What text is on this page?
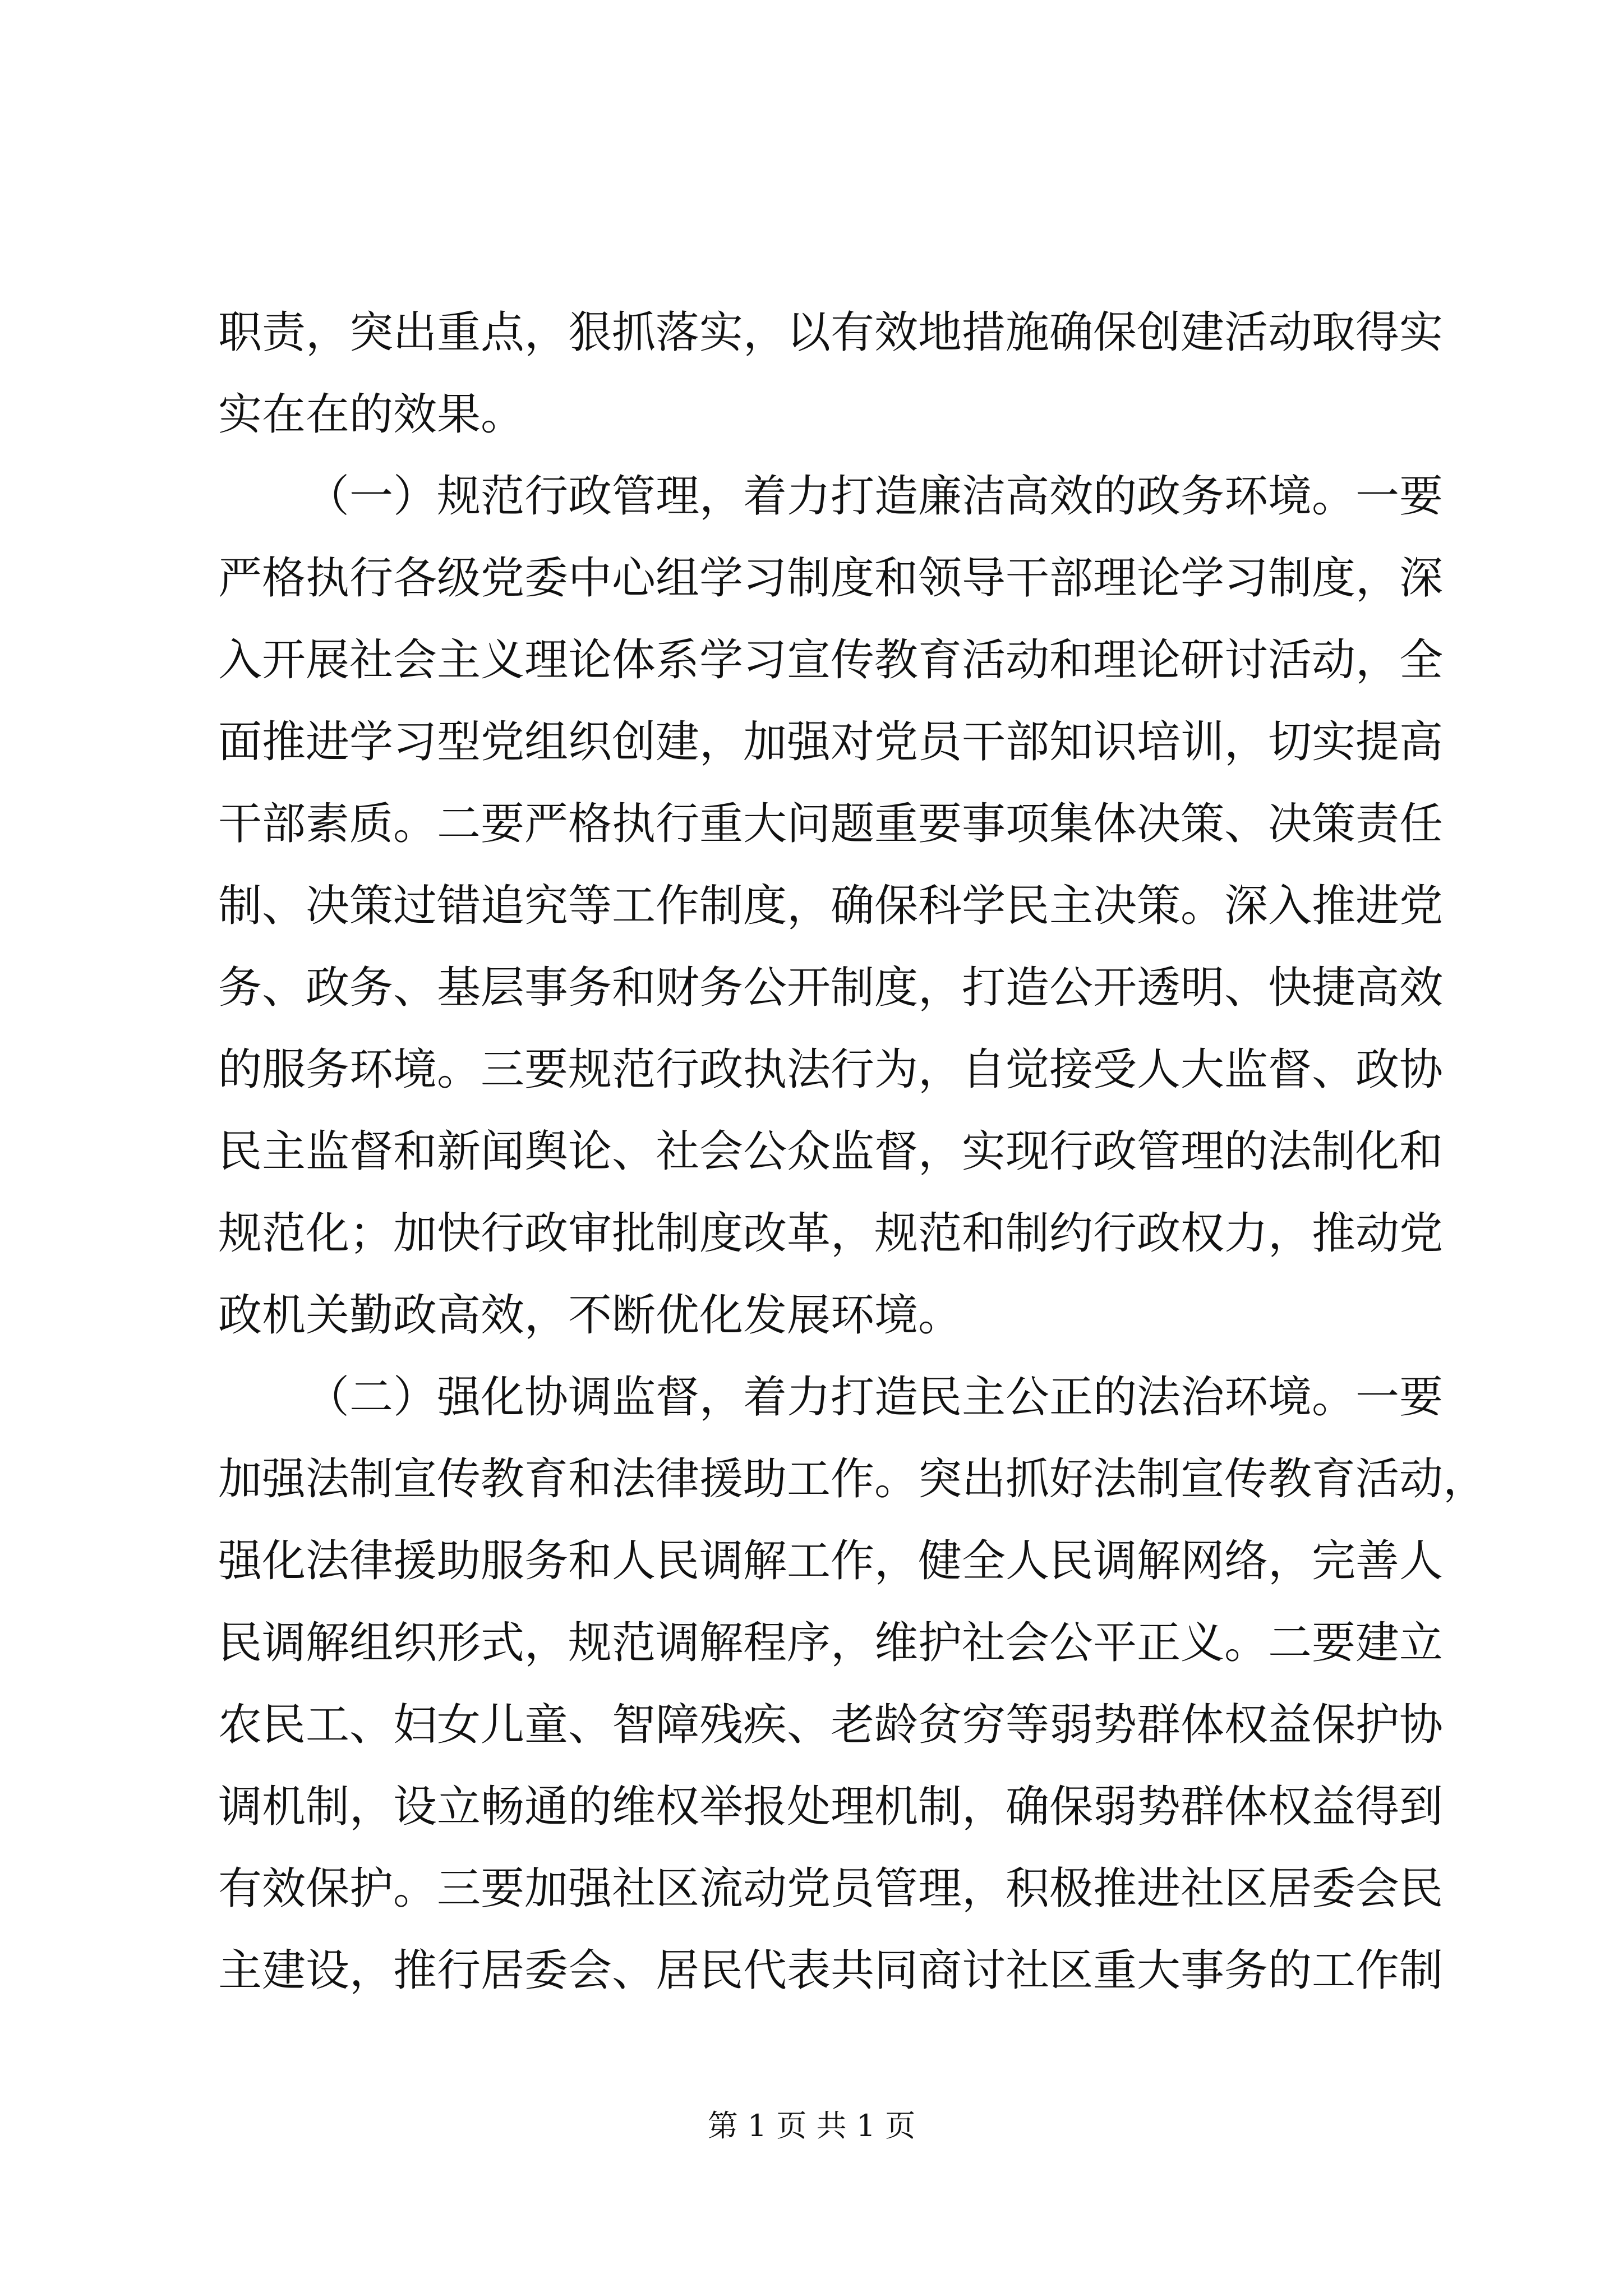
职责，突出重点，狠抓落实，以有效地措施确保创建活动取得实
实在在的效果。
（一）规范行政管理，着力打造廉洁高效的政务环境。一要
严格执行各级党委中心组学习制度和领导干部理论学习制度，深
入开展社会主义理论体系学习宣传教育活动和理论研讨活动，全
面推进学习型党组织创建，加强对党员干部知识培训，切实提高
干部素质。二要严格执行重大问题重要事项集体决策、决策责任
制、决策过错追究等工作制度，确保科学民主决策。深入推进党
务、政务、基层事务和财务公开制度，打造公开透明、快捷高效
的服务环境。三要规范行政执法行为，自觉接受人大监督、政协
民主监督和新闻舆论、社会公众监督，实现行政管理的法制化和
规范化；加快行政审批制度改革，规范和制约行政权力，推动党
政机关勤政高效，不断优化发展环境。
（二）强化协调监督，着力打造民主公正的法治环境。一要
加强法制宣传教育和法律援助工作。突出抓好法制宣传教育活动，
强化法律援助服务和人民调解工作，健全人民调解网络，完善人
民调解组织形式，规范调解程序，维护社会公平正义。二要建立
农民工、妇女儿童、智障残疾、老龄贫穷等弱势群体权益保护协
调机制，设立畅通的维权举报处理机制，确保弱势群体权益得到
有效保护。三要加强社区流动党员管理，积极推进社区居委会民
主建设，推行居委会、居民代表共同商讨社区重大事务的工作制
第 1 页 共 1 页
